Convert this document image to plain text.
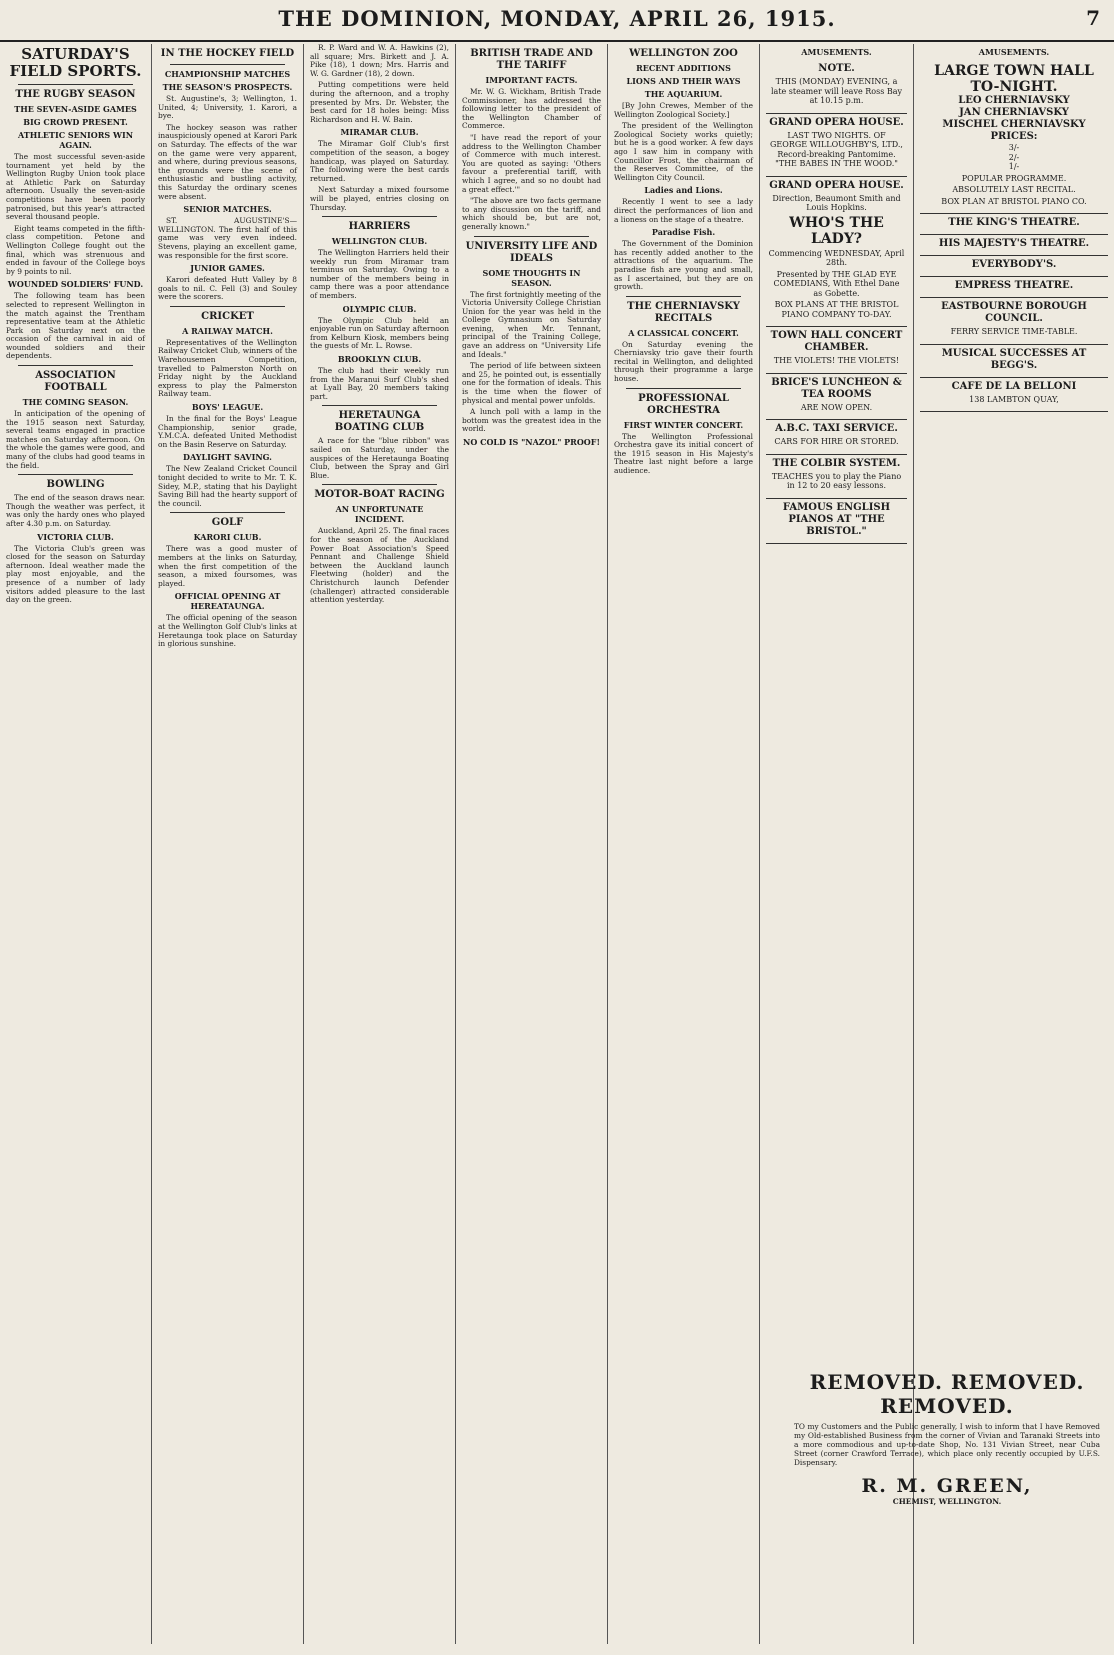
THE DOMINION, MONDAY, APRIL 26, 1915.	7
SATURDAY'S FIELD SPORTS.
THE RUGBY SEASON
THE SEVEN-ASIDE GAMES
BIG CROWD PRESENT.
ATHLETIC SENIORS WIN AGAIN.

The most successful seven-aside tournament yet held by the Wellington Rugby Union took place at Athletic Park on Saturday afternoon. Usually the seven-aside competitions have been poorly patronised, but this year's attracted several thousand people.

Eight teams competed in the fifth-class competition. Petone and Wellington College fought out the final, which was strenuous and ended in favour of the College boys by 9 points to nil.

WOUNDED SOLDIERS' FUND.

The following team has been selected to represent Wellington in the match against the Trentham representative team at the Athletic Park on Saturday next on the occasion of the carnival in aid of wounded soldiers and their dependents.

ASSOCIATION FOOTBALL
THE COMING SEASON.

In anticipation of the opening of the 1915 season next Saturday, several teams engaged in practice matches on Saturday afternoon. On the whole the games were good, and many of the clubs had good teams in the field.

BOWLING

The end of the season draws near. Though the weather was perfect, it was only the hardy ones who played after 4.30 p.m. on Saturday.

VICTORIA CLUB.

The Victoria Club's green was closed for the season on Saturday afternoon. Ideal weather made the play most enjoyable, and the presence of a number of lady visitors added pleasure to the last day on the green.

IN THE HOCKEY FIELD
CHAMPIONSHIP MATCHES
THE SEASON'S PROSPECTS.

St. Augustine's, 3; Wellington, 1. United, 4; University, 1. Karori, a bye.

The hockey season was rather inauspiciously opened at Karori Park on Saturday. The effects of the war on the game were very apparent, and where, during previous seasons, the grounds were the scene of enthusiastic and bustling activity, this Saturday the ordinary scenes were absent.

SENIOR MATCHES.

ST. AUGUSTINE'S—WELLINGTON. The first half of this game was very even indeed. Stevens, playing an excellent game, was responsible for the first score.

JUNIOR GAMES.

Karori defeated Hutt Valley by 8 goals to nil. C. Fell (3) and Souley were the scorers.

CRICKET
A RAILWAY MATCH.

Representatives of the Wellington Railway Cricket Club, winners of the Warehousemen Competition, travelled to Palmerston North on Friday night by the Auckland express to play the Palmerston Railway team.

BOYS' LEAGUE.

In the final for the Boys' League Championship, senior grade, Y.M.C.A. defeated United Methodist on the Basin Reserve on Saturday.

DAYLIGHT SAVING.

The New Zealand Cricket Council tonight decided to write to Mr. T. K. Sidey, M.P., stating that his Daylight Saving Bill had the hearty support of the council.

GOLF
KARORI CLUB.

There was a good muster of members at the links on Saturday, when the first competition of the season, a mixed foursomes, was played.

OFFICIAL OPENING AT HEREATAUNGA.

The official opening of the season at the Wellington Golf Club's links at Heretaunga took place on Saturday in glorious sunshine.

R. P. Ward and W. A. Hawkins (2), all square; Mrs. Birkett and J. A. Pike (18), 1 down; Mrs. Harris and W. G. Gardner (18), 2 down.

Putting competitions were held during the afternoon, and a trophy presented by Mrs. Dr. Webster, the best card for 18 holes being: Miss Richardson and H. W. Bain.

MIRAMAR CLUB.

The Miramar Golf Club's first competition of the season, a bogey handicap, was played on Saturday. The following were the best cards returned.

Next Saturday a mixed foursome will be played, entries closing on Thursday.

HARRIERS
WELLINGTON CLUB.

The Wellington Harriers held their weekly run from Miramar tram terminus on Saturday. Owing to a number of the members being in camp there was a poor attendance of members.

OLYMPIC CLUB.

The Olympic Club held an enjoyable run on Saturday afternoon from Kelburn Kiosk, members being the guests of Mr. L. Rowse.

BROOKLYN CLUB.

The club had their weekly run from the Maranui Surf Club's shed at Lyall Bay, 20 members taking part.

HERETAUNGA BOATING CLUB

A race for the "blue ribbon" was sailed on Saturday, under the auspices of the Heretaunga Boating Club, between the Spray and Girl Blue.

MOTOR-BOAT RACING
AN UNFORTUNATE INCIDENT.

Auckland, April 25. The final races for the season of the Auckland Power Boat Association's Speed Pennant and Challenge Shield between the Auckland launch Fleetwing (holder) and the Christchurch launch Defender (challenger) attracted considerable attention yesterday.

BRITISH TRADE AND THE TARIFF
IMPORTANT FACTS.

Mr. W. G. Wickham, British Trade Commissioner, has addressed the following letter to the president of the Wellington Chamber of Commerce.

"I have read the report of your address to the Wellington Chamber of Commerce with much interest. You are quoted as saying: 'Others favour a preferential tariff, with which I agree, and so no doubt had a great effect.'"

"The above are two facts germane to any discussion on the tariff, and which should be, but are not, generally known."

UNIVERSITY LIFE AND IDEALS
SOME THOUGHTS IN SEASON.

The first fortnightly meeting of the Victoria University College Christian Union for the year was held in the College Gymnasium on Saturday evening, when Mr. Tennant, principal of the Training College, gave an address on "University Life and Ideals."

The period of life between sixteen and 25, he pointed out, is essentially one for the formation of ideals. This is the time when the flower of physical and mental power unfolds.

A lunch poll with a lamp in the bottom was the greatest idea in the world.

NO COLD IS "NAZOL" PROOF!
WELLINGTON ZOO
RECENT ADDITIONS
LIONS AND THEIR WAYS
THE AQUARIUM.

[By John Crewes, Member of the Wellington Zoological Society.]

The president of the Wellington Zoological Society works quietly; but he is a good worker. A few days ago I saw him in company with Councillor Frost, the chairman of the Reserves Committee, of the Wellington City Council.

Ladies and Lions.

Recently I went to see a lady direct the performances of lion and a lioness on the stage of a theatre.

Paradise Fish.

The Government of the Dominion has recently added another to the attractions of the aquarium. The paradise fish are young and small, as I ascertained, but they are on growth.

THE CHERNIAVSKY RECITALS
A CLASSICAL CONCERT.

On Saturday evening the Cherniavsky trio gave their fourth recital in Wellington, and delighted through their programme a large house.

PROFESSIONAL ORCHESTRA
FIRST WINTER CONCERT.

The Wellington Professional Orchestra gave its initial concert of the 1915 season in His Majesty's Theatre last night before a large audience.

AMUSEMENTS.
NOTE.

THIS (MONDAY) EVENING, a late steamer will leave Ross Bay at 10.15 p.m.

GRAND OPERA HOUSE.

LAST TWO NIGHTS. OF GEORGE WILLOUGHBY'S, LTD., Record-breaking Pantomime. "THE BABES IN THE WOOD."

GRAND OPERA HOUSE.

Direction, Beaumont Smith and Louis Hopkins.

WHO'S THE LADY?

Commencing WEDNESDAY, April 28th.

Presented by THE GLAD EYE COMEDIANS, With Ethel Dane as Gobette.

BOX PLANS AT THE BRISTOL PIANO COMPANY TO-DAY.

TOWN HALL CONCERT CHAMBER.

THE VIOLETS! THE VIOLETS!

BRICE'S LUNCHEON & TEA ROOMS

ARE NOW OPEN.

A.B.C. TAXI SERVICE.

CARS FOR HIRE OR STORED.

THE COLBIR SYSTEM.

TEACHES you to play the Piano in 12 to 20 easy lessons.

FAMOUS ENGLISH PIANOS AT "THE BRISTOL."
AMUSEMENTS.
LARGE TOWN HALL TO-NIGHT.
LEO CHERNIAVSKY
JAN CHERNIAVSKY
MISCHEL CHERNIAVSKY
PRICES:
3/-
2/-
1/-

POPULAR PROGRAMME.

ABSOLUTELY LAST RECITAL.

BOX PLAN AT BRISTOL PIANO CO.

THE KING'S THEATRE.
HIS MAJESTY'S THEATRE.
EVERYBODY'S.
EMPRESS THEATRE.
EASTBOURNE BOROUGH COUNCIL.

FERRY SERVICE TIME-TABLE.

MUSICAL SUCCESSES AT BEGG'S.
CAFE DE LA BELLONI

138 LAMBTON QUAY,

REMOVED. REMOVED. REMOVED.

TO my Customers and the Public generally, I wish to inform that I have Removed my Old-established Business from the corner of Vivian and Taranaki Streets into a more commodious and up-to-date Shop, No. 131 Vivian Street, near Cuba Street (corner Crawford Terrace), which place only recently occupied by U.F.S. Dispensary.

R. M. GREEN,
CHEMIST, WELLINGTON.
